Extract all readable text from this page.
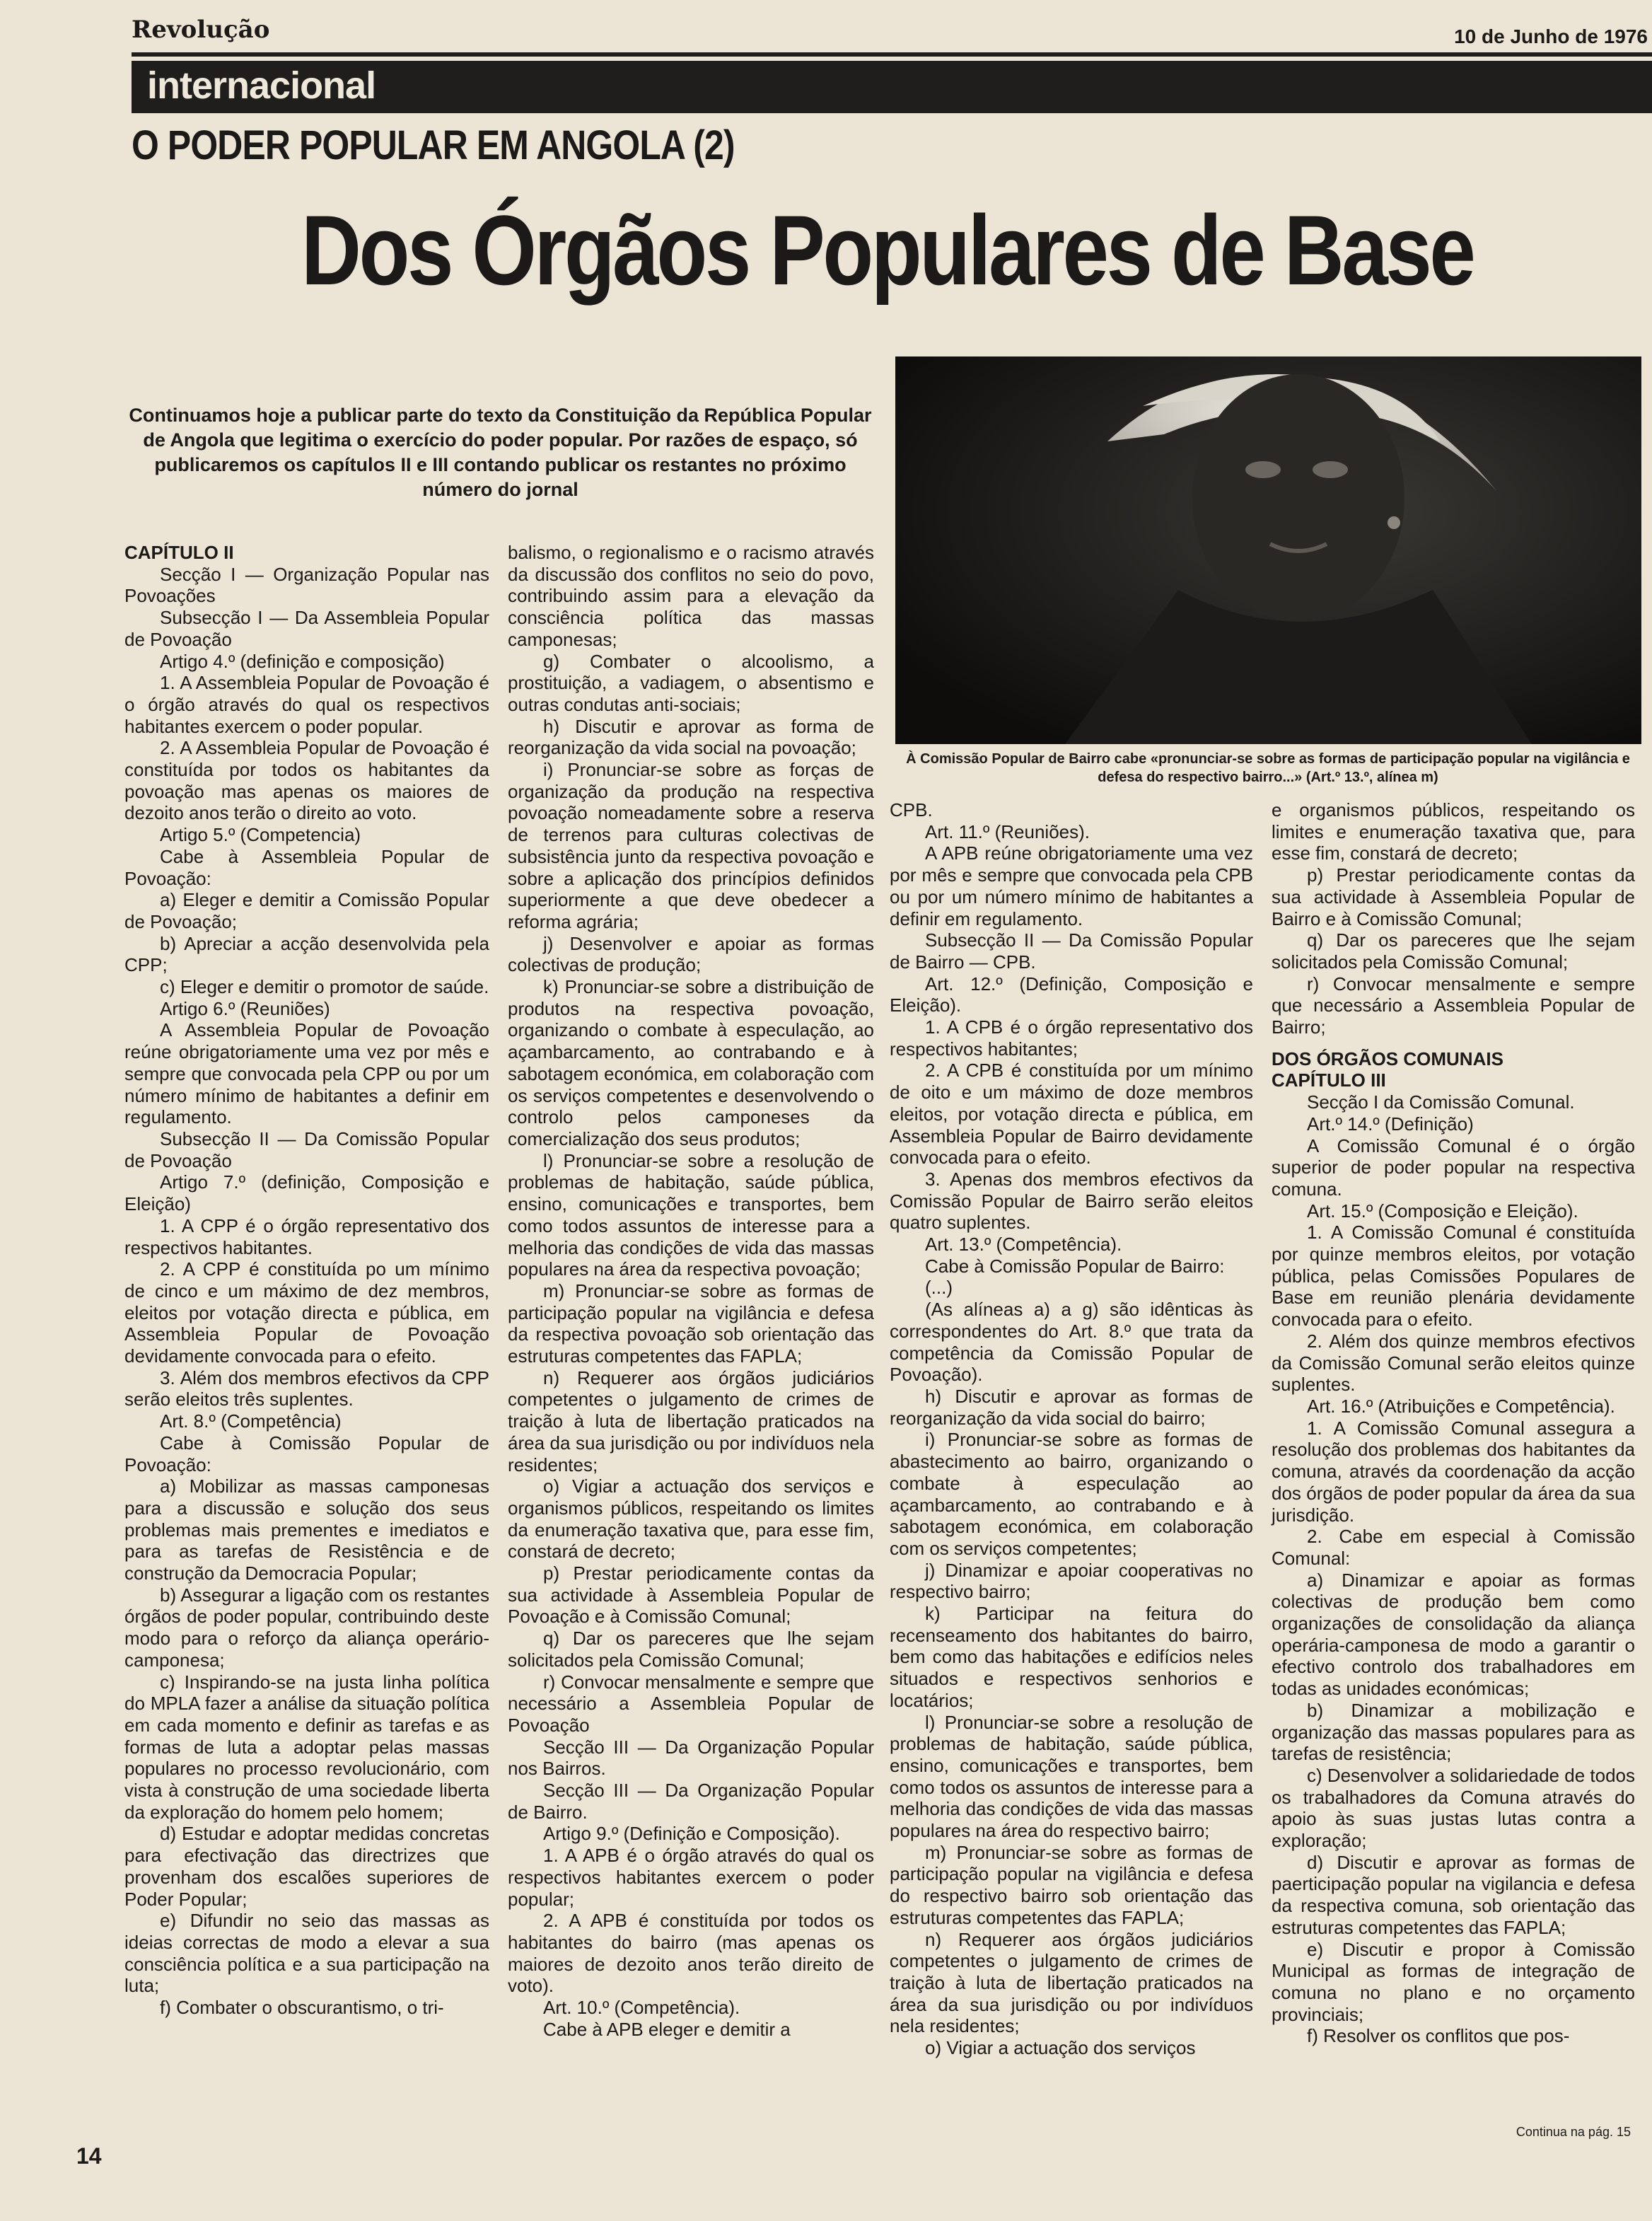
Revolução	10 de Junho de 1976
internacional
O PODER POPULAR EM ANGOLA (2)
Dos Órgãos Populares de Base
Continuamos hoje a publicar parte do texto da Constituição da República Popular de Angola que legitima o exercício do poder popular. Por razões de espaço, só publicaremos os capítulos II e III contando publicar os restantes no próximo número do jornal
À Comissão Popular de Bairro cabe «pronunciar-se sobre as formas de participação popular na vigilância e defesa do respectivo bairro...» (Art.º 13.º, alínea m)

CAPÍTULO II

Secção I — Organização Popular nas Povoações

Subsecção I — Da Assembleia Popular de Povoação

Artigo 4.º (definição e composição)

1. A Assembleia Popular de Povoação é o órgão através do qual os respectivos habitantes exercem o poder popular.

2. A Assembleia Popular de Povoação é constituída por todos os habitantes da povoação mas apenas os maiores de dezoito anos terão o direito ao voto.

Artigo 5.º (Competencia)

Cabe à Assembleia Popular de Povoação:

a) Eleger e demitir a Comissão Popular de Povoação;

b) Apreciar a acção desenvolvida pela CPP;

c) Eleger e demitir o promotor de saúde.

Artigo 6.º (Reuniões)

A Assembleia Popular de Povoação reúne obrigatoriamente uma vez por mês e sempre que convocada pela CPP ou por um número mínimo de habitantes a definir em regulamento.

Subsecção II — Da Comissão Popular de Povoação

Artigo 7.º (definição, Composição e Eleição)

1. A CPP é o órgão representativo dos respectivos habitantes.

2. A CPP é constituída po um mínimo de cinco e um máximo de dez membros, eleitos por votação directa e pública, em Assembleia Popular de Povoação devidamente convocada para o efeito.

3. Além dos membros efectivos da CPP serão eleitos três suplentes.

Art. 8.º (Competência)

Cabe à Comissão Popular de Povoação:

a) Mobilizar as massas camponesas para a discussão e solução dos seus problemas mais prementes e imediatos e para as tarefas de Resistência e de construção da Democracia Popular;

b) Assegurar a ligação com os restantes órgãos de poder popular, contribuindo deste modo para o reforço da aliança operário-camponesa;

c) Inspirando-se na justa linha política do MPLA fazer a análise da situação política em cada momento e definir as tarefas e as formas de luta a adoptar pelas massas populares no processo revolucionário, com vista à construção de uma sociedade liberta da exploração do homem pelo homem;

d) Estudar e adoptar medidas concretas para efectivação das directrizes que provenham dos escalões superiores de Poder Popular;

e) Difundir no seio das massas as ideias correctas de modo a elevar a sua consciência política e a sua participação na luta;

f) Combater o obscurantismo, o tri-

balismo, o regionalismo e o racismo através da discussão dos conflitos no seio do povo, contribuindo assim para a elevação da consciência política das massas camponesas;

g) Combater o alcoolismo, a prostituição, a vadiagem, o absentismo e outras condutas anti-sociais;

h) Discutir e aprovar as forma de reorganização da vida social na povoação;

i) Pronunciar-se sobre as forças de organização da produção na respectiva povoação nomeadamente sobre a reserva de terrenos para culturas colectivas de subsistência junto da respectiva povoação e sobre a aplicação dos princípios definidos superiormente a que deve obedecer a reforma agrária;

j) Desenvolver e apoiar as formas colectivas de produção;

k) Pronunciar-se sobre a distribuição de produtos na respectiva povoação, organizando o combate à especulação, ao açambarcamento, ao contrabando e à sabotagem económica, em colaboração com os serviços competentes e desenvolvendo o controlo pelos camponeses da comercialização dos seus produtos;

l) Pronunciar-se sobre a resolução de problemas de habitação, saúde pública, ensino, comunicações e transportes, bem como todos assuntos de interesse para a melhoria das condições de vida das massas populares na área da respectiva povoação;

m) Pronunciar-se sobre as formas de participação popular na vigilância e defesa da respectiva povoação sob orientação das estruturas competentes das FAPLA;

n) Requerer aos órgãos judiciários competentes o julgamento de crimes de traição à luta de libertação praticados na área da sua jurisdição ou por indivíduos nela residentes;

o) Vigiar a actuação dos serviços e organismos públicos, respeitando os limites da enumeração taxativa que, para esse fim, constará de decreto;

p) Prestar periodicamente contas da sua actividade à Assembleia Popular de Povoação e à Comissão Comunal;

q) Dar os pareceres que lhe sejam solicitados pela Comissão Comunal;

r) Convocar mensalmente e sempre que necessário a Assembleia Popular de Povoação

Secção III — Da Organização Popular nos Bairros.

Secção III — Da Organização Popular de Bairro.

Artigo 9.º (Definição e Composição).

1. A APB é o órgão através do qual os respectivos habitantes exercem o poder popular;

2. A APB é constituída por todos os habitantes do bairro (mas apenas os maiores de dezoito anos terão direito de voto).

Art. 10.º (Competência).

Cabe à APB eleger e demitir a

CPB.

Art. 11.º (Reuniões).

A APB reúne obrigatoriamente uma vez por mês e sempre que convocada pela CPB ou por um número mínimo de habitantes a definir em regulamento.

Subsecção II — Da Comissão Popular de Bairro — CPB.

Art. 12.º (Definição, Composição e Eleição).

1. A CPB é o órgão representativo dos respectivos habitantes;

2. A CPB é constituída por um mínimo de oito e um máximo de doze membros eleitos, por votação directa e pública, em Assembleia Popular de Bairro devidamente convocada para o efeito.

3. Apenas dos membros efectivos da Comissão Popular de Bairro serão eleitos quatro suplentes.

Art. 13.º (Competência).

Cabe à Comissão Popular de Bairro:

(...)

(As alíneas a) a g) são idênticas às correspondentes do Art. 8.º que trata da competência da Comissão Popular de Povoação).

h) Discutir e aprovar as formas de reorganização da vida social do bairro;

i) Pronunciar-se sobre as formas de abastecimento ao bairro, organizando o combate à especulação ao açambarcamento, ao contrabando e à sabotagem económica, em colaboração com os serviços competentes;

j) Dinamizar e apoiar cooperativas no respectivo bairro;

k) Participar na feitura do recenseamento dos habitantes do bairro, bem como das habitações e edifícios neles situados e respectivos senhorios e locatários;

l) Pronunciar-se sobre a resolução de problemas de habitação, saúde pública, ensino, comunicações e transportes, bem como todos os assuntos de interesse para a melhoria das condições de vida das massas populares na área do respectivo bairro;

m) Pronunciar-se sobre as formas de participação popular na vigilância e defesa do respectivo bairro sob orientação das estruturas competentes das FAPLA;

n) Requerer aos órgãos judiciários competentes o julgamento de crimes de traição à luta de libertação praticados na área da sua jurisdição ou por indivíduos nela residentes;

o) Vigiar a actuação dos serviços

e organismos públicos, respeitando os limites e enumeração taxativa que, para esse fim, constará de decreto;

p) Prestar periodicamente contas da sua actividade à Assembleia Popular de Bairro e à Comissão Comunal;

q) Dar os pareceres que lhe sejam solicitados pela Comissão Comunal;

r) Convocar mensalmente e sempre que necessário a Assembleia Popular de Bairro;

DOS ÓRGÃOS COMUNAIS

CAPÍTULO III

Secção I da Comissão Comunal.

Art.º 14.º (Definição)

A Comissão Comunal é o órgão superior de poder popular na respectiva comuna.

Art. 15.º (Composição e Eleição).

1. A Comissão Comunal é constituída por quinze membros eleitos, por votação pública, pelas Comissões Populares de Base em reunião plenária devidamente convocada para o efeito.

2. Além dos quinze membros efectivos da Comissão Comunal serão eleitos quinze suplentes.

Art. 16.º (Atribuições e Competência).

1. A Comissão Comunal assegura a resolução dos problemas dos habitantes da comuna, através da coordenação da acção dos órgãos de poder popular da área da sua jurisdição.

2. Cabe em especial à Comissão Comunal:

a) Dinamizar e apoiar as formas colectivas de produção bem como organizações de consolidação da aliança operária-camponesa de modo a garantir o efectivo controlo dos trabalhadores em todas as unidades económicas;

b) Dinamizar a mobilização e organização das massas populares para as tarefas de resistência;

c) Desenvolver a solidariedade de todos os trabalhadores da Comuna através do apoio às suas justas lutas contra a exploração;

d) Discutir e aprovar as formas de paerticipação popular na vigilancia e defesa da respectiva comuna, sob orientação das estruturas competentes das FAPLA;

e) Discutir e propor à Comissão Municipal as formas de integração de comuna no plano e no orçamento provinciais;

f) Resolver os conflitos que pos-

Continua na pág. 15
14
